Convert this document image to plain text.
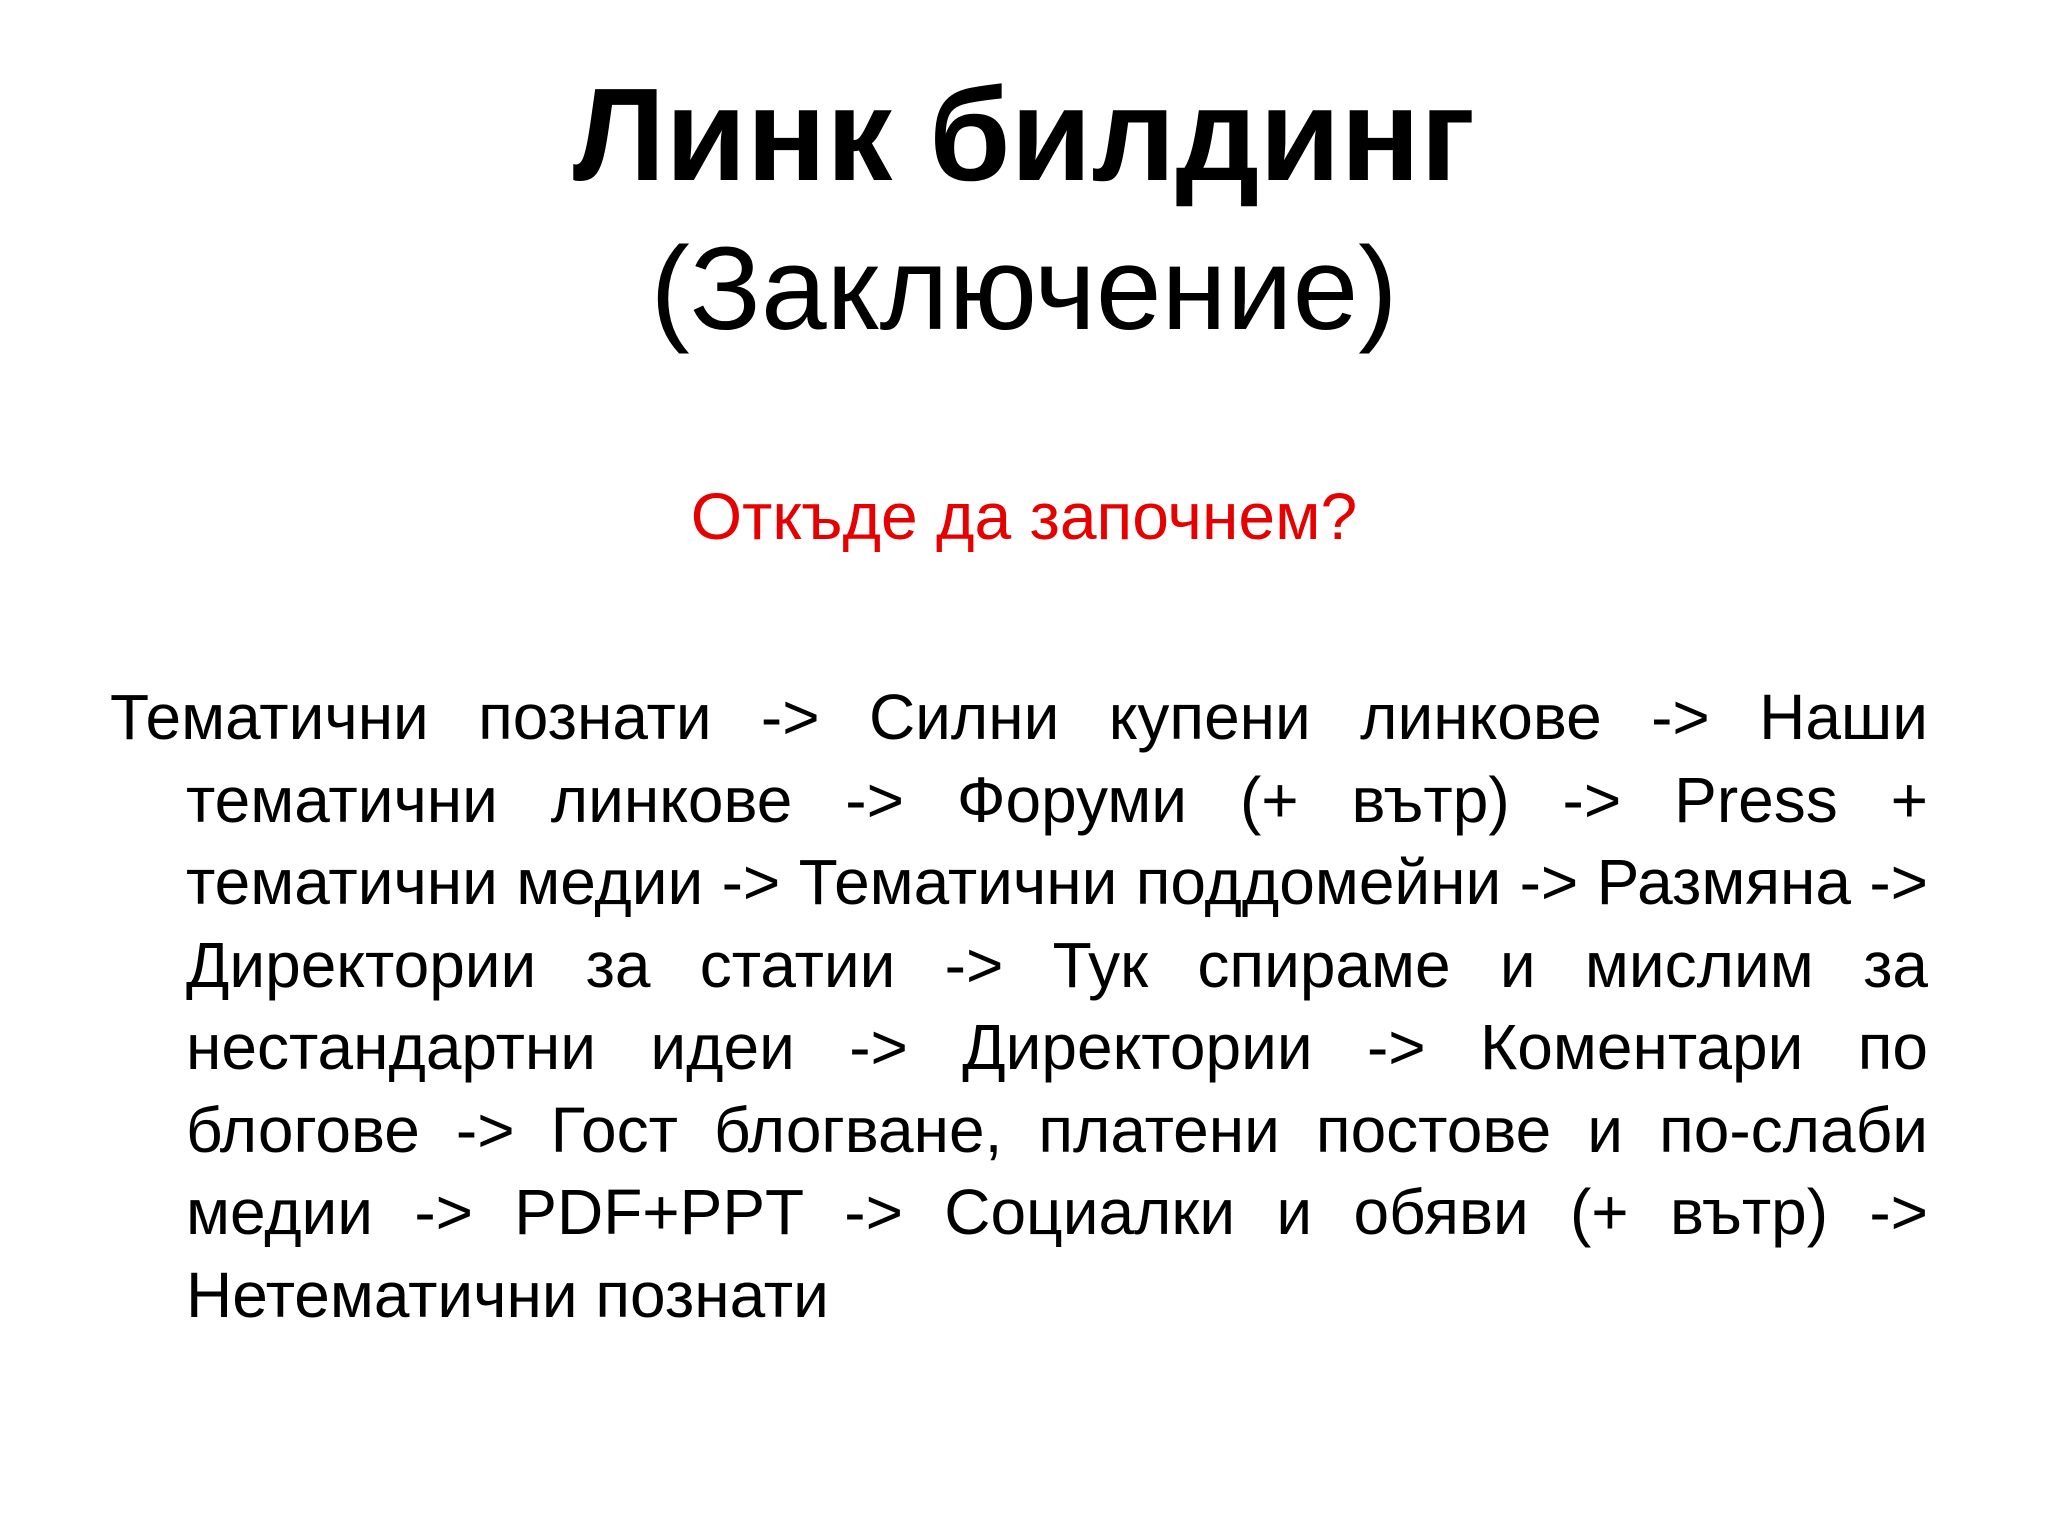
Линк билдинг
(Заключение)
Откъде да започнем?

Тематични познати -> Силни купени линкове -> Наши тематични линкове -> Форуми (+ вътр) -> Press + тематични медии -> Тематични поддомейни -> Размяна -> Директории за статии -> Тук спираме и мислим за нестандартни идеи -> Директории -> Коментари по блогове -> Гост блогване, платени постове и по-слаби медии -> PDF+PPT -> Социалки и обяви (+ вътр) -> Нетематични познати
